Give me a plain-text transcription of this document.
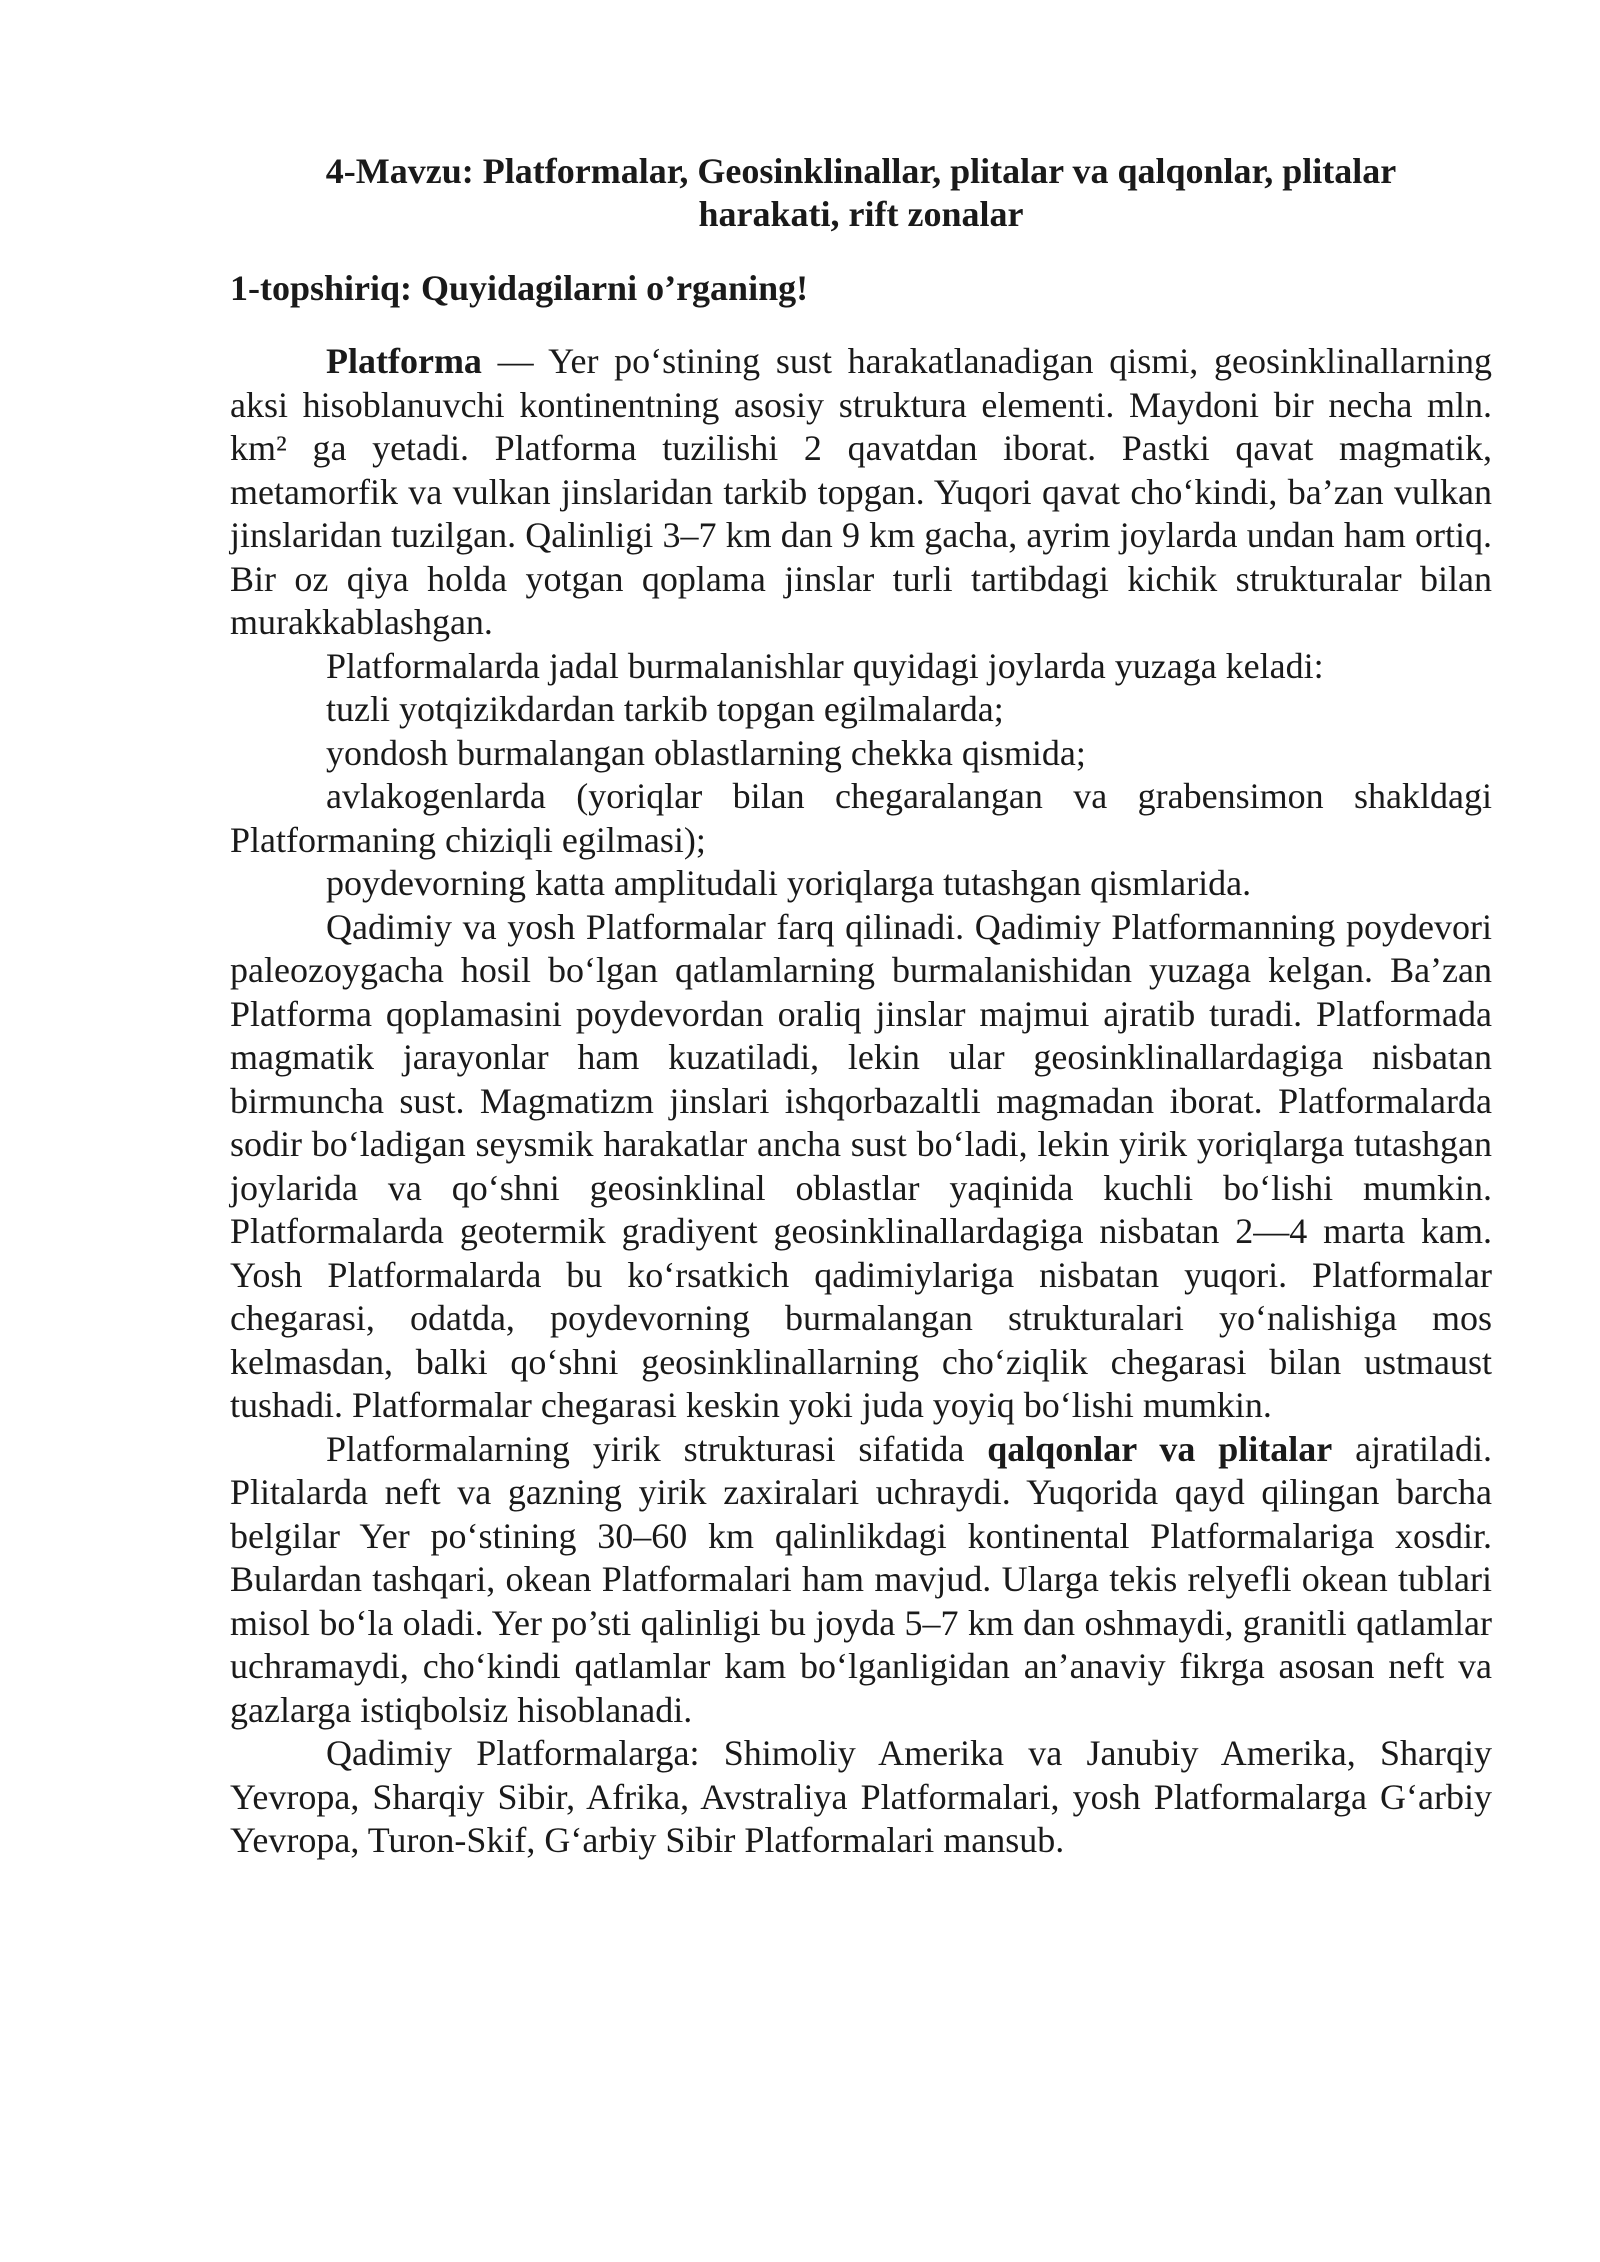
4-Mavzu: Platformalar, Geosinklinallar, plitalar va qalqonlar, plitalar
harakati, rift zonalar

1-topshiriq: Quyidagilarni o’rganing!

Platforma — Yer po‘stining sust harakatlanadigan qismi, geosinklinallarning aksi hisoblanuvchi kontinentning asosiy struktura elementi. Maydoni bir necha mln. km² ga yetadi. Platforma tuzilishi 2 qavatdan iborat. Pastki qavat magmatik, metamorfik va vulkan jinslaridan tarkib topgan. Yuqori qavat cho‘kindi, ba’zan vulkan jinslaridan tuzilgan. Qalinligi 3–7 km dan 9 km gacha, ayrim joylarda undan ham ortiq. Bir oz qiya holda yotgan qoplama jinslar turli tartibdagi kichik strukturalar bilan murakkablashgan.

Platformalarda jadal burmalanishlar quyidagi joylarda yuzaga keladi:

tuzli yotqizikdardan tarkib topgan egilmalarda;

yondosh burmalangan oblastlarning chekka qismida;

avlakogenlarda (yoriqlar bilan chegaralangan va grabensimon shakldagi Platformaning chiziqli egilmasi);

poydevorning katta amplitudali yoriqlarga tutashgan qismlarida.

Qadimiy va yosh Platformalar farq qilinadi. Qadimiy Platformanning poydevori paleozoygacha hosil bo‘lgan qatlamlarning burmalanishidan yuzaga kelgan. Ba’zan Platforma qoplamasini poydevordan oraliq jinslar majmui ajratib turadi. Platformada magmatik jarayonlar ham kuzatiladi, lekin ular geosinklinallardagiga nisbatan birmuncha sust. Magmatizm jinslari ishqorbazaltli magmadan iborat. Platformalarda sodir bo‘ladigan seysmik harakatlar ancha sust bo‘ladi, lekin yirik yoriqlarga tutashgan joylarida va qo‘shni geosinklinal oblastlar yaqinida kuchli bo‘lishi mumkin. Platformalarda geotermik gradiyent geosinklinallardagiga nisbatan 2—4 marta kam. Yosh Platformalarda bu ko‘rsatkich qadimiylariga nisbatan yuqori. Platformalar chegarasi, odatda, poydevorning burmalangan strukturalari yo‘nalishiga mos kelmasdan, balki qo‘shni geosinklinallarning cho‘ziqlik chegarasi bilan ustmaust tushadi. Platformalar chegarasi keskin yoki juda yoyiq bo‘lishi mumkin.

Platformalarning yirik strukturasi sifatida qalqonlar va plitalar ajratiladi. Plitalarda neft va gazning yirik zaxiralari uchraydi. Yuqorida qayd qilingan barcha belgilar Yer po‘stining 30–60 km qalinlikdagi kontinental Platformalariga xosdir. Bulardan tashqari, okean Platformalari ham mavjud. Ularga tekis relyefli okean tublari misol bo‘la oladi. Yer po’sti qalinligi bu joyda 5–7 km dan oshmaydi, granitli qatlamlar uchramaydi, cho‘kindi qatlamlar kam bo‘lganligidan an’anaviy fikrga asosan neft va gazlarga istiqbolsiz hisoblanadi.

Qadimiy Platformalarga: Shimoliy Amerika va Janubiy Amerika, Sharqiy Yevropa, Sharqiy Sibir, Afrika, Avstraliya Platformalari, yosh Platformalarga G‘arbiy Yevropa, Turon-Skif, G‘arbiy Sibir Platformalari mansub.
